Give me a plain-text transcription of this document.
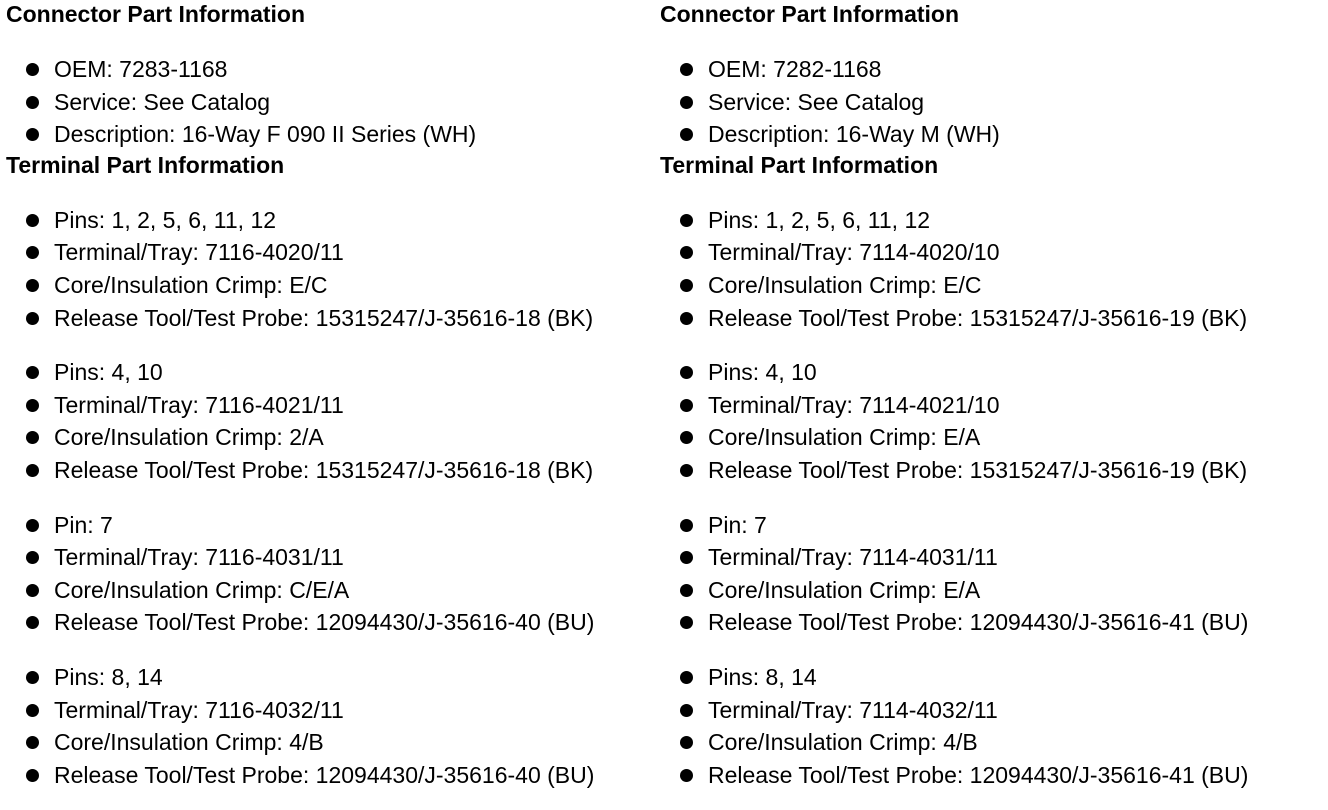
Connector Part Information
OEM: 7283-1168
Service: See Catalog
Description: 16-Way F 090 II Series (WH)
Terminal Part Information
Pins: 1, 2, 5, 6, 11, 12
Terminal/Tray: 7116-4020/11
Core/Insulation Crimp: E/C
Release Tool/Test Probe: 15315247/J-35616-18 (BK)
Pins: 4, 10
Terminal/Tray: 7116-4021/11
Core/Insulation Crimp: 2/A
Release Tool/Test Probe: 15315247/J-35616-18 (BK)
Pin: 7
Terminal/Tray: 7116-4031/11
Core/Insulation Crimp: C/E/A
Release Tool/Test Probe: 12094430/J-35616-40 (BU)
Pins: 8, 14
Terminal/Tray: 7116-4032/11
Core/Insulation Crimp: 4/B
Release Tool/Test Probe: 12094430/J-35616-40 (BU)
Connector Part Information
OEM: 7282-1168
Service: See Catalog
Description: 16-Way M (WH)
Terminal Part Information
Pins: 1, 2, 5, 6, 11, 12
Terminal/Tray: 7114-4020/10
Core/Insulation Crimp: E/C
Release Tool/Test Probe: 15315247/J-35616-19 (BK)
Pins: 4, 10
Terminal/Tray: 7114-4021/10
Core/Insulation Crimp: E/A
Release Tool/Test Probe: 15315247/J-35616-19 (BK)
Pin: 7
Terminal/Tray: 7114-4031/11
Core/Insulation Crimp: E/A
Release Tool/Test Probe: 12094430/J-35616-41 (BU)
Pins: 8, 14
Terminal/Tray: 7114-4032/11
Core/Insulation Crimp: 4/B
Release Tool/Test Probe: 12094430/J-35616-41 (BU)
